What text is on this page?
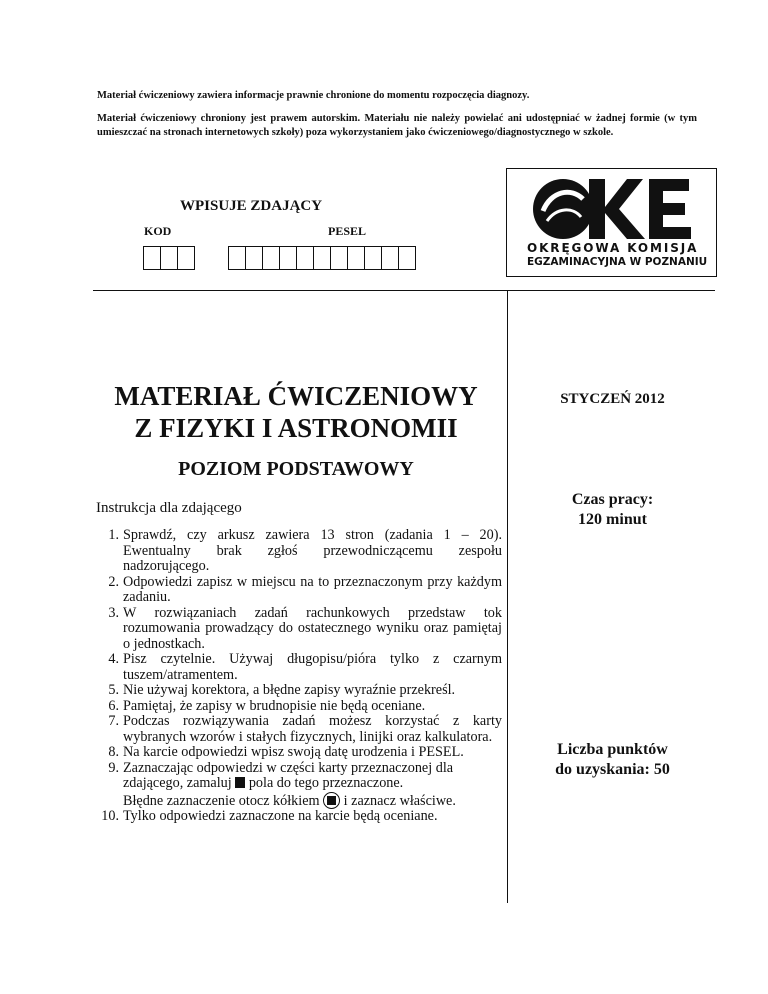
Materiał ćwiczeniowy zawiera informacje prawnie chronione do momentu rozpoczęcia diagnozy.
Materiał ćwiczeniowy chroniony jest prawem autorskim. Materiału nie należy powielać ani udostępniać w żadnej formie (w tym umieszczać na stronach internetowych szkoły) poza wykorzystaniem jako ćwiczeniowego/diagnostycznego w szkole.
WPISUJE ZDAJĄCY
KOD	PESEL
OKRĘGOWA KOMISJA
EGZAMINACYJNA W POZNANIU
MATERIAŁ ĆWICZENIOWY
Z FIZYKI I ASTRONOMII
POZIOM PODSTAWOWY
STYCZEŃ 2012
Czas pracy:
120 minut
Liczba punktów
do uzyskania: 50
Instrukcja dla zdającego
1. Sprawdź, czy arkusz zawiera 13 stron (zadania 1 – 20). Ewentualny brak zgłoś przewodniczącemu zespołu nadzorującego.
2. Odpowiedzi zapisz w miejscu na to przeznaczonym przy każdym zadaniu.
3. W rozwiązaniach zadań rachunkowych przedstaw tok rozumowania prowadzący do ostatecznego wyniku oraz pamiętaj o jednostkach.
4. Pisz czytelnie. Używaj długopisu/pióra tylko z czarnym tuszem/atramentem.
5. Nie używaj korektora, a błędne zapisy wyraźnie przekreśl.
6. Pamiętaj, że zapisy w brudnopisie nie będą oceniane.
7. Podczas rozwiązywania zadań możesz korzystać z karty wybranych wzorów i stałych fizycznych, linijki oraz kalkulatora.
8. Na karcie odpowiedzi wpisz swoją datę urodzenia i PESEL.
9. Zaznaczając odpowiedzi w części karty przeznaczonej dla zdającego, zamaluj pola do tego przeznaczone.
Błędne zaznaczenie otocz kółkiem i zaznacz właściwe.
10. Tylko odpowiedzi zaznaczone na karcie będą oceniane.
